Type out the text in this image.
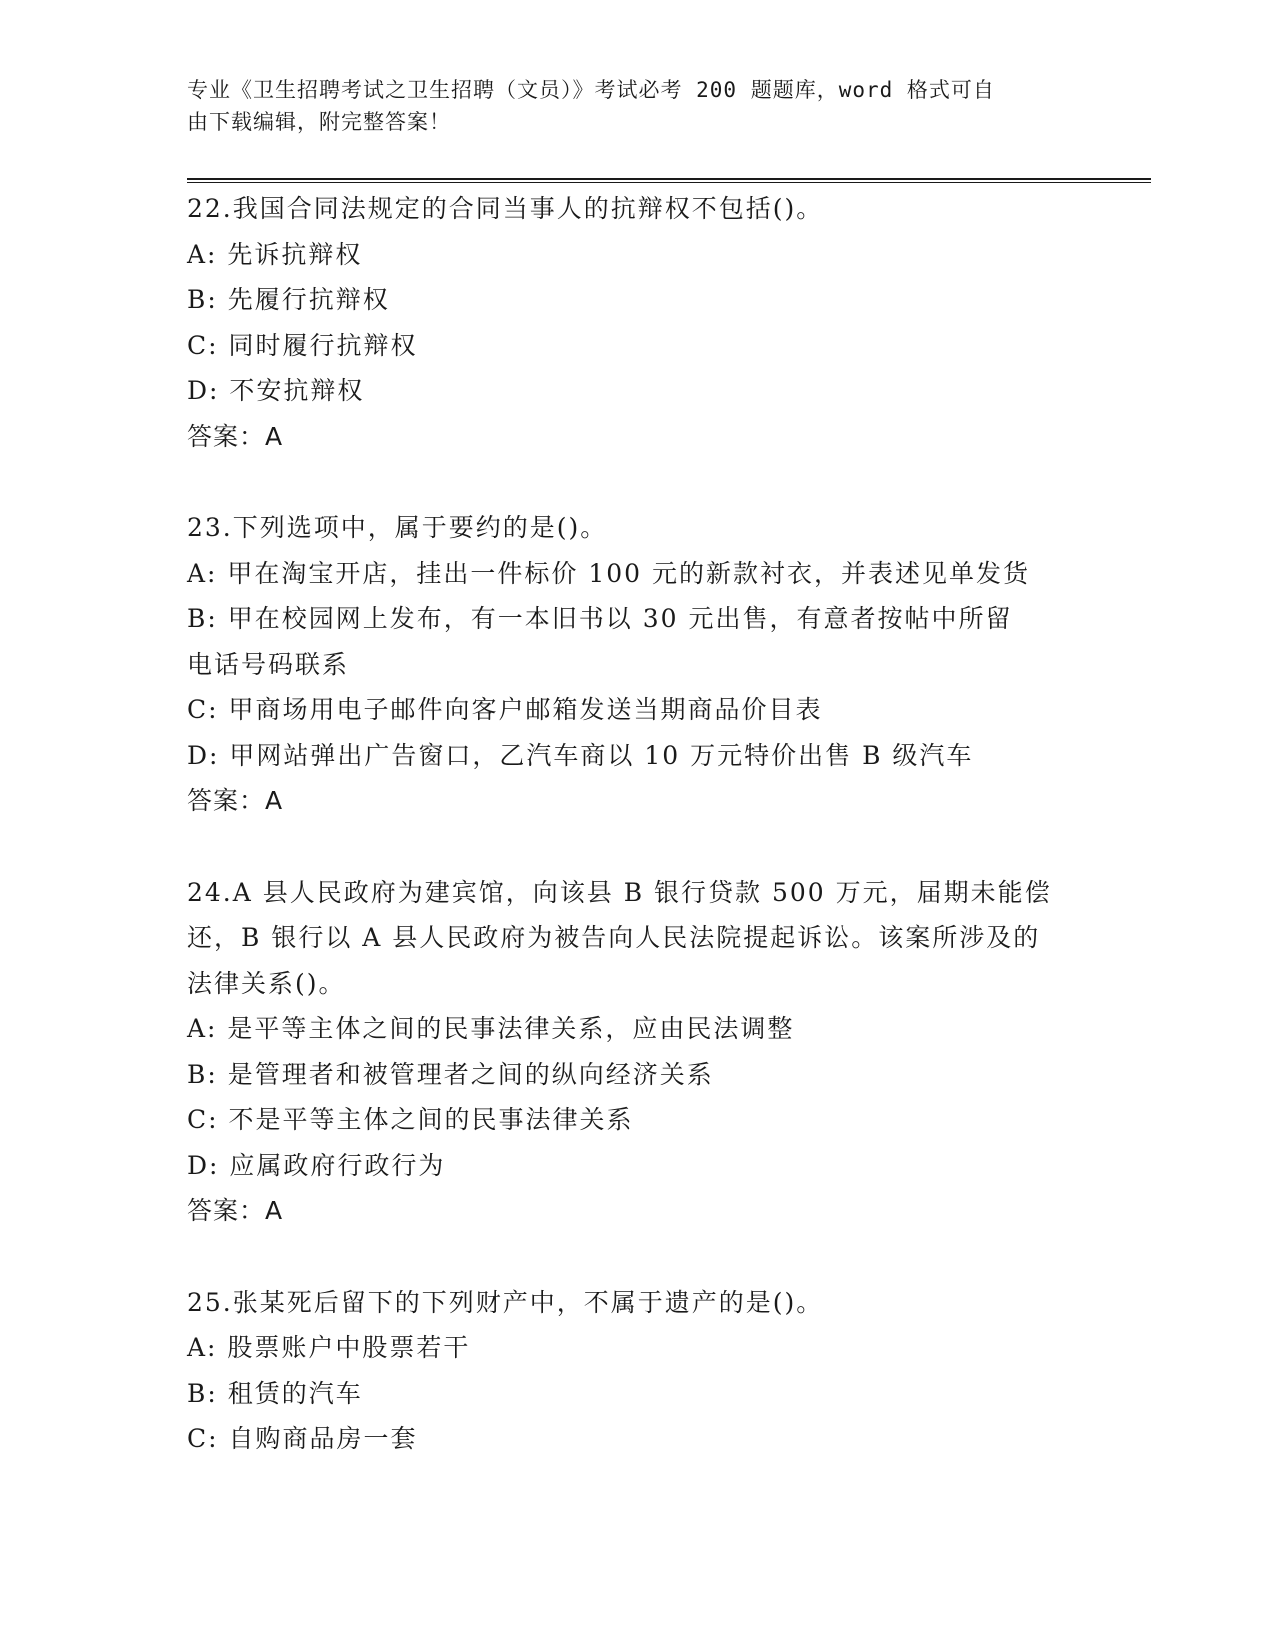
专业《卫生招聘考试之卫生招聘（文员）》考试必考 200 题题库，word 格式可自
由下载编辑，附完整答案！
22.我国合同法规定的合同当事人的抗辩权不包括()。
A: 先诉抗辩权
B: 先履行抗辩权
C: 同时履行抗辩权
D: 不安抗辩权
答案：A
23.下列选项中，属于要约的是()。
A: 甲在淘宝开店，挂出一件标价 100 元的新款衬衣，并表述见单发货
B: 甲在校园网上发布，有一本旧书以 30 元出售，有意者按帖中所留
电话号码联系
C: 甲商场用电子邮件向客户邮箱发送当期商品价目表
D: 甲网站弹出广告窗口，乙汽车商以 10 万元特价出售 B 级汽车
答案：A
24.A 县人民政府为建宾馆，向该县 B 银行贷款 500 万元，届期未能偿
还，B 银行以 A 县人民政府为被告向人民法院提起诉讼。该案所涉及的
法律关系()。
A: 是平等主体之间的民事法律关系，应由民法调整
B: 是管理者和被管理者之间的纵向经济关系
C: 不是平等主体之间的民事法律关系
D: 应属政府行政行为
答案：A
25.张某死后留下的下列财产中，不属于遗产的是()。
A: 股票账户中股票若干
B: 租赁的汽车
C: 自购商品房一套
